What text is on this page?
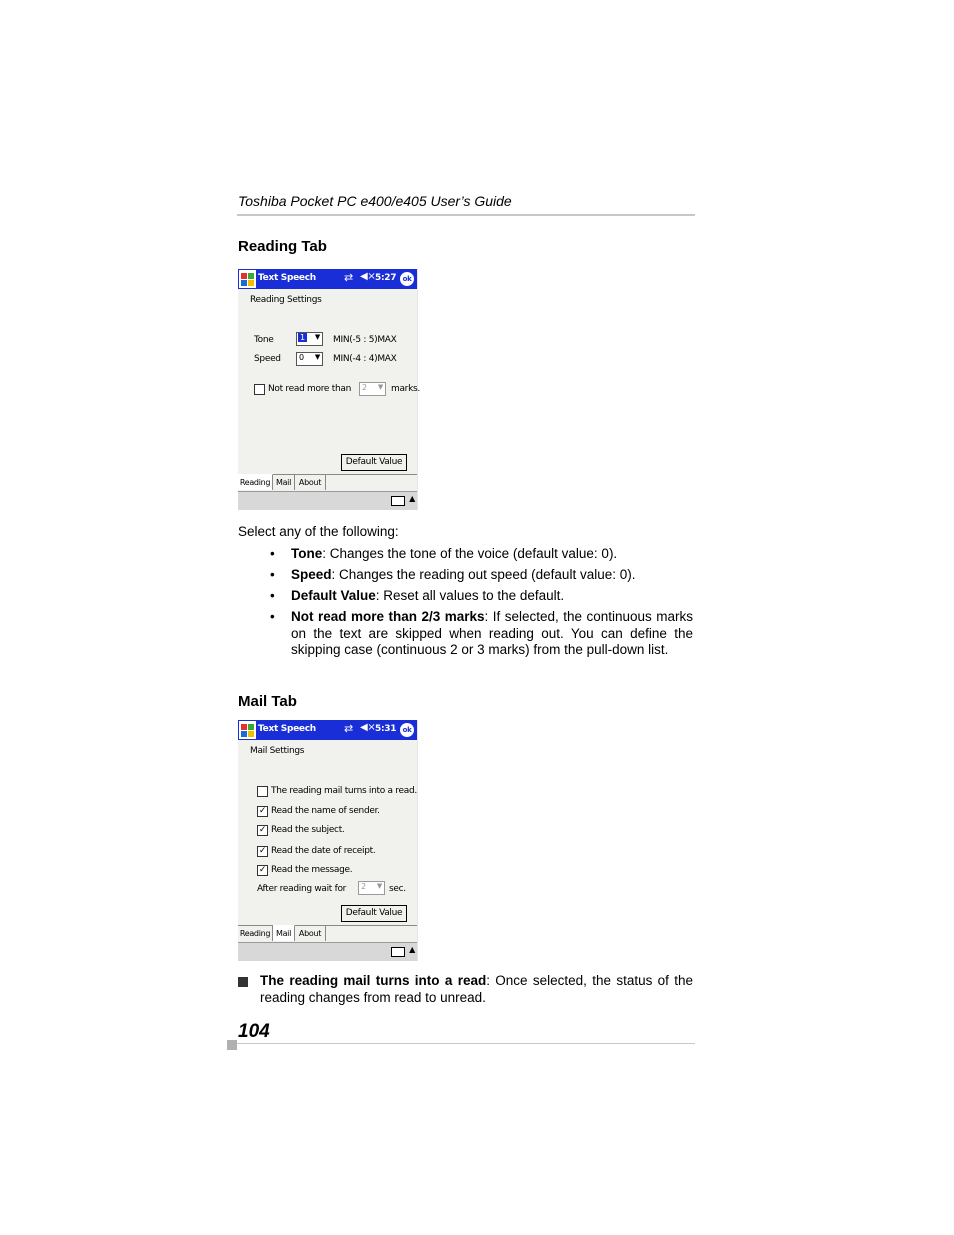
Toshiba Pocket PC e400/e405 User’s Guide
Reading Tab
Text Speech	⇄ ◀× 5:27 ok
Reading Settings
Tone	1 ▼ MIN(-5 : 5)MAX
Speed 0 ▼ MIN(-4 : 4)MAX
Not read more than 2 ▼ marks.
Default Value
Reading Mail About
▲
Select any of the following:
• Tone: Changes the tone of the voice (default value: 0).
• Speed: Changes the reading out speed (default value: 0).
• Default Value: Reset all values to the default.
• Not read more than 2/3 marks: If selected, the continuous marks on the text are skipped when reading out. You can define the skipping case (continuous 2 or 3 marks) from the pull-down list.
Mail Tab
Text Speech	⇄ ◀× 5:31 ok
Mail Settings
The reading mail turns into a read.
✓ Read the name of sender.
✓ Read the subject.
✓ Read the date of receipt.
✓ Read the message.
After reading wait for 2 ▼ sec.
Default Value
Reading Mail About
▲
The reading mail turns into a read: Once selected, the status of the reading changes from read to unread.
104
